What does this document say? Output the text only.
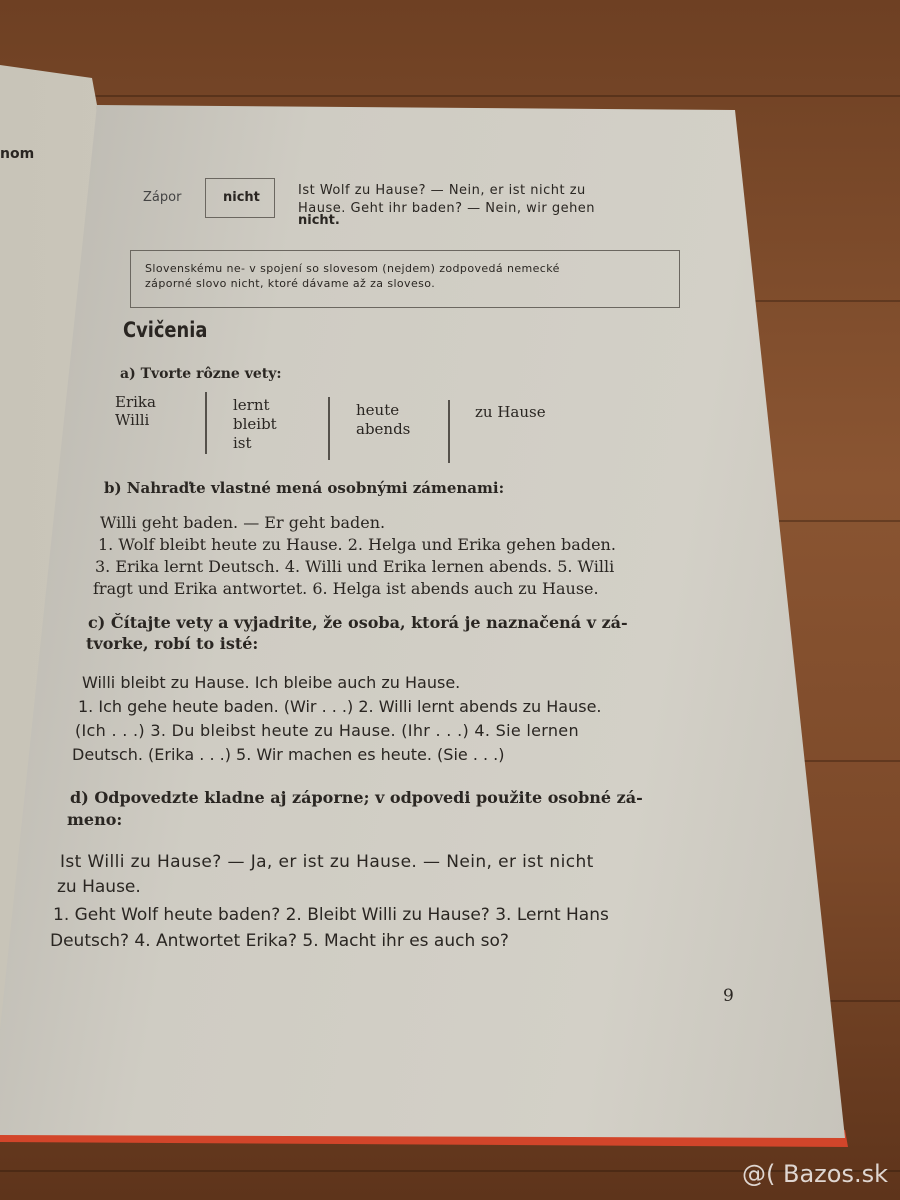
nom
Zápor	nicht	Ist Wolf zu Hause? — Nein, er ist nicht zu
Hause. Geht ihr baden? — Nein, wir gehen
nicht.
Slovenskému ne- v spojení so slovesom (nejdem) zodpovedá nemecké
záporné slovo nicht, ktoré dávame až za sloveso.
Cvičenia
a) Tvorte rôzne vety:
Erika
Willi
lernt
bleibt
ist
heute
abends
zu Hause
b) Nahraďte vlastné mená osobnými zámenami:
Willi geht baden. — Er geht baden.
1. Wolf bleibt heute zu Hause. 2. Helga und Erika gehen baden.
3. Erika lernt Deutsch. 4. Willi und Erika lernen abends. 5. Willi
fragt und Erika antwortet. 6. Helga ist abends auch zu Hause.
c) Čítajte vety a vyjadrite, že osoba, ktorá je naznačená v zá-
tvorke, robí to isté:
Willi bleibt zu Hause. Ich bleibe auch zu Hause.
1. Ich gehe heute baden. (Wir . . .) 2. Willi lernt abends zu Hause.
(Ich . . .) 3. Du bleibst heute zu Hause. (Ihr . . .) 4. Sie lernen
Deutsch. (Erika . . .) 5. Wir machen es heute. (Sie . . .)
d) Odpovedzte kladne aj záporne; v odpovedi použite osobné zá-
meno:
Ist Willi zu Hause? — Ja, er ist zu Hause. — Nein, er ist nicht
zu Hause.
1. Geht Wolf heute baden? 2. Bleibt Willi zu Hause? 3. Lernt Hans
Deutsch? 4. Antwortet Erika? 5. Macht ihr es auch so?
9
@( Bazos.sk
